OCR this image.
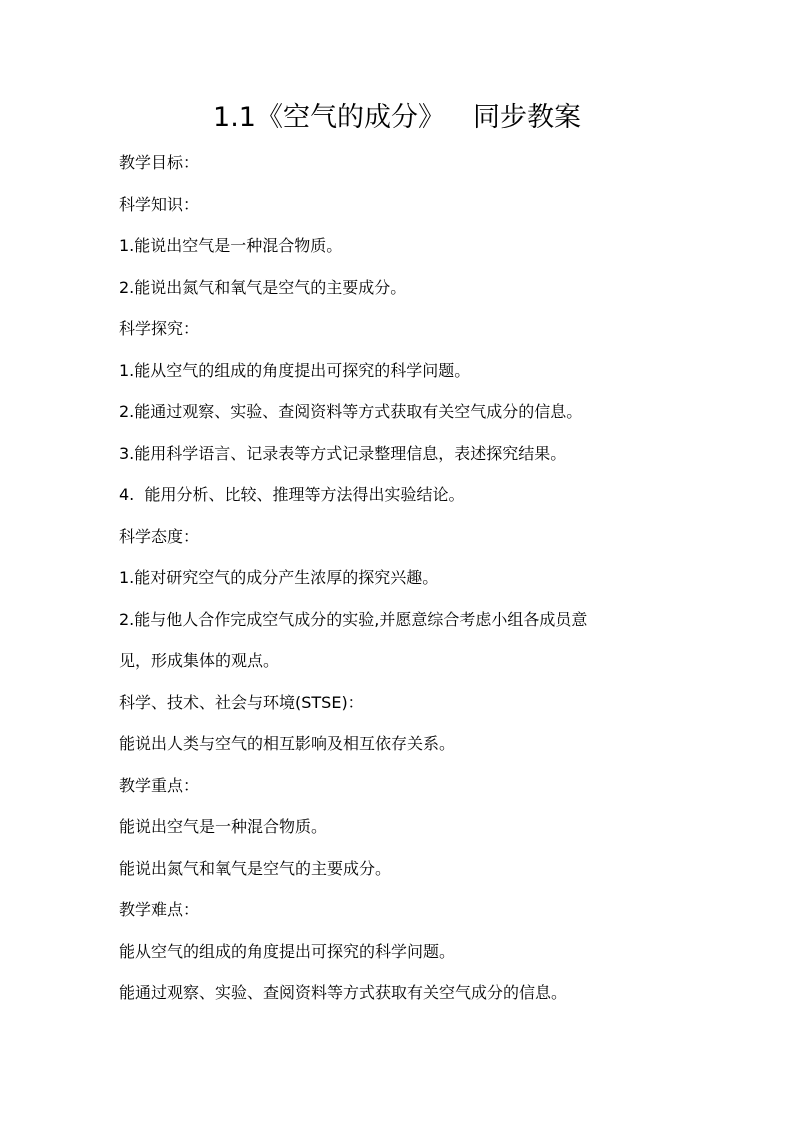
1.1《空气的成分》 同步教案
教学目标：
科学知识：
1.能说出空气是一种混合物质。
2.能说出氮气和氧气是空气的主要成分。
科学探究：
1.能从空气的组成的角度提出可探究的科学问题。
2.能通过观察、实验、查阅资料等方式获取有关空气成分的信息。
3.能用科学语言、记录表等方式记录整理信息，表述探究结果。
4.  能用分析、比较、推理等方法得出实验结论。
科学态度：
1.能对研究空气的成分产生浓厚的探究兴趣。
2.能与他人合作完成空气成分的实验,并愿意综合考虑小组各成员意
见，形成集体的观点。
科学、技术、社会与环境(STSE)：
能说出人类与空气的相互影响及相互依存关系。
教学重点：
能说出空气是一种混合物质。
能说出氮气和氧气是空气的主要成分。
教学难点：
能从空气的组成的角度提出可探究的科学问题。
能通过观察、实验、查阅资料等方式获取有关空气成分的信息。
